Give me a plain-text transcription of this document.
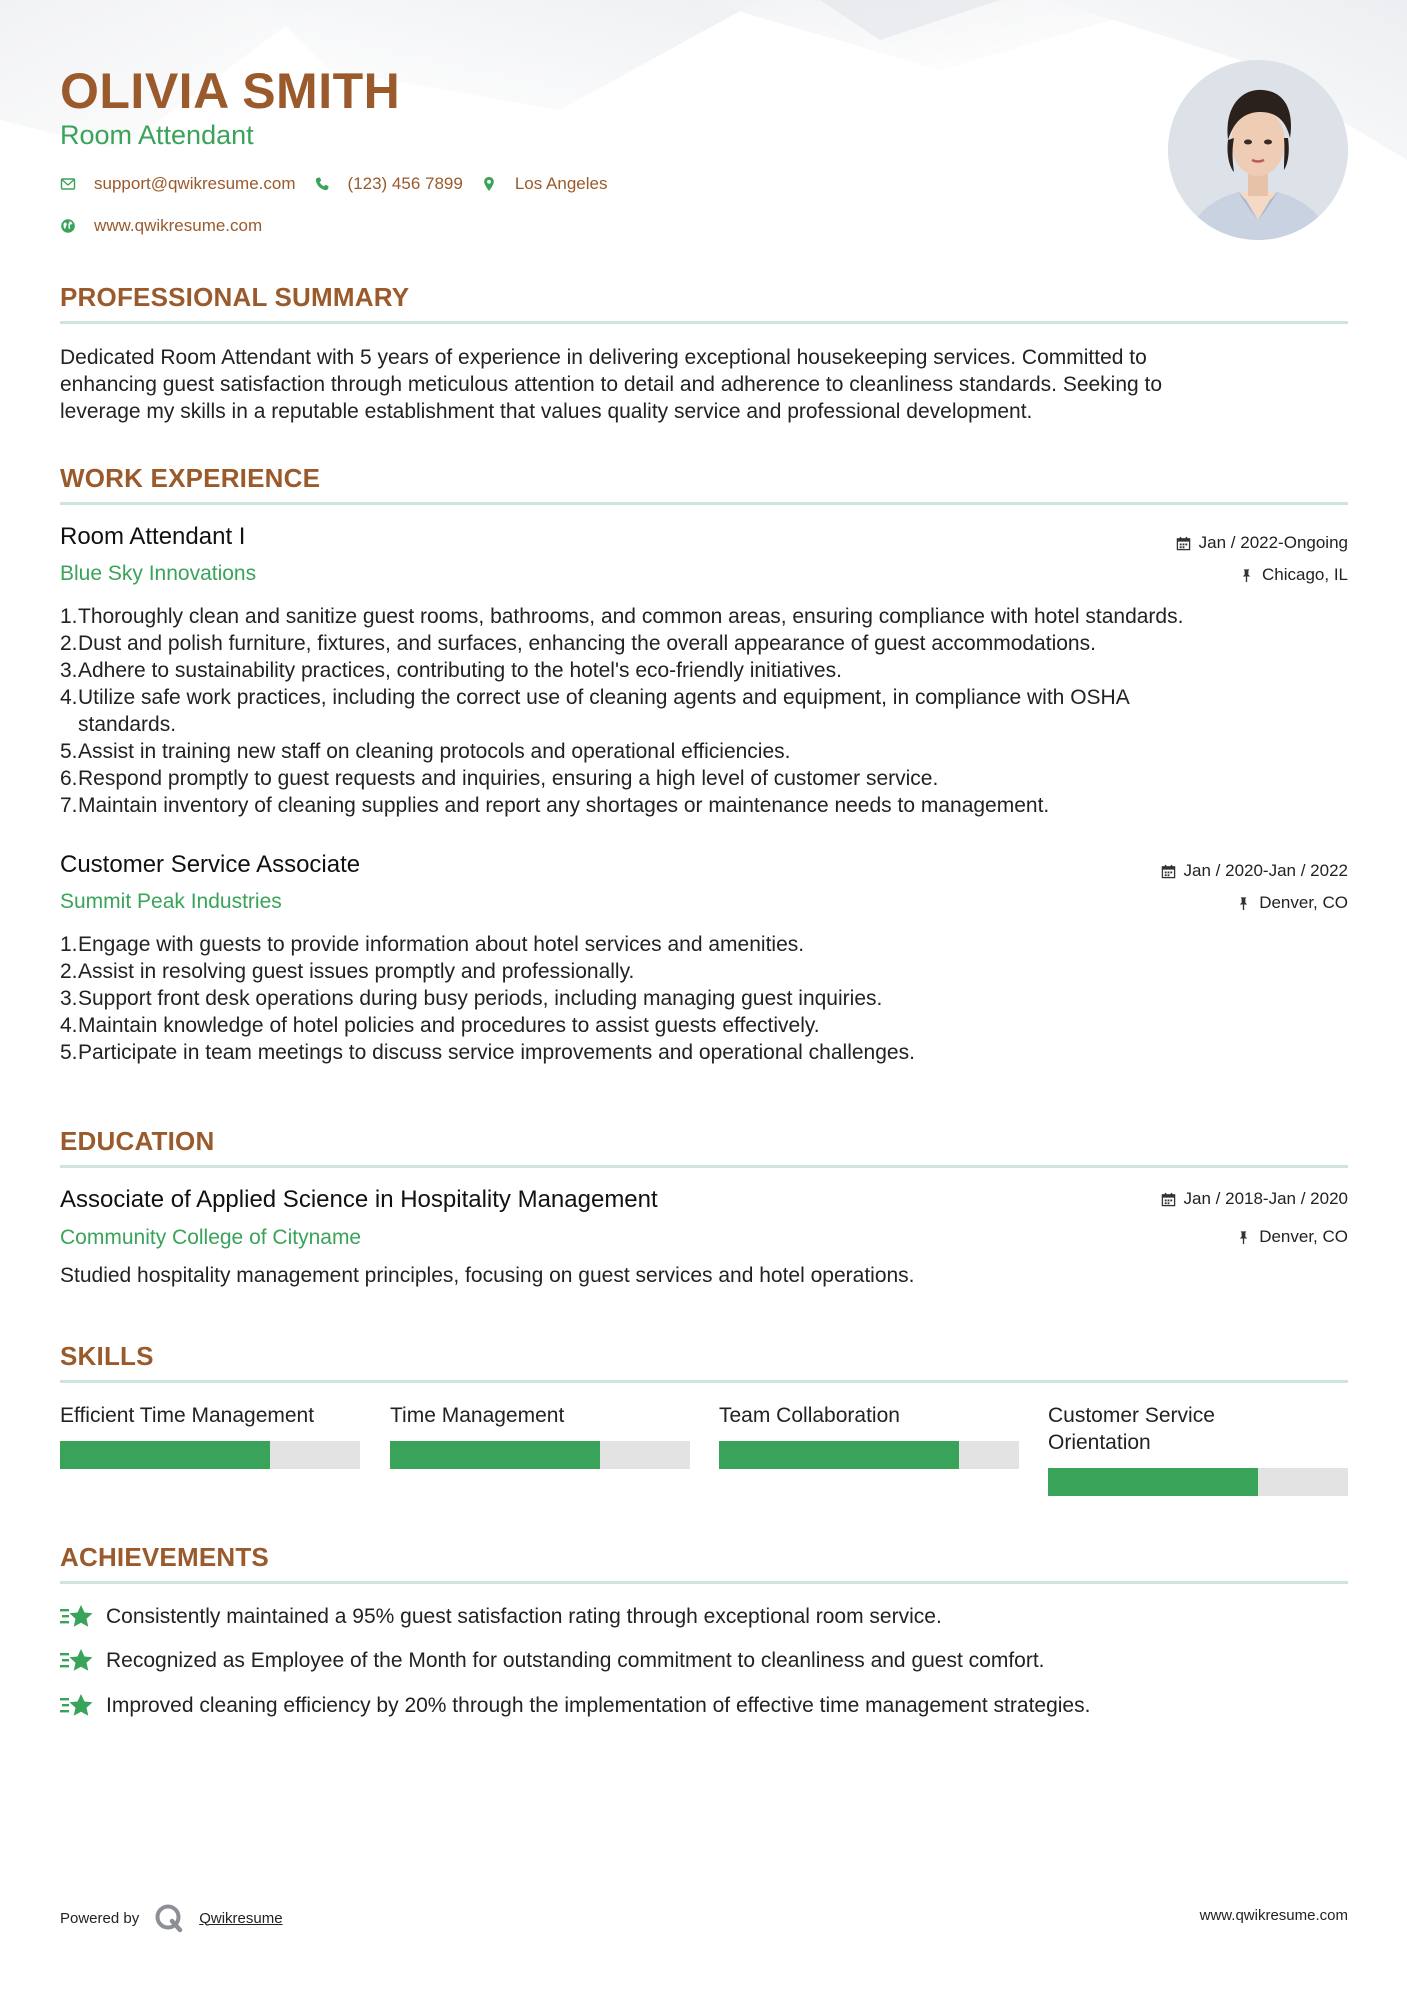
OLIVIA SMITH
Room Attendant
support@qwikresume.com	(123) 456 7899	Los Angeles
www.qwikresume.com
PROFESSIONAL SUMMARY
Dedicated Room Attendant with 5 years of experience in delivering exceptional housekeeping services. Committed to
enhancing guest satisfaction through meticulous attention to detail and adherence to cleanliness standards. Seeking to
leverage my skills in a reputable establishment that values quality service and professional development.
WORK EXPERIENCE
Room Attendant I	Jan / 2022-Ongoing
Blue Sky Innovations	Chicago, IL
1. Thoroughly clean and sanitize guest rooms, bathrooms, and common areas, ensuring compliance with hotel standards.
2. Dust and polish furniture, fixtures, and surfaces, enhancing the overall appearance of guest accommodations.
3. Adhere to sustainability practices, contributing to the hotel's eco-friendly initiatives.
4. Utilize safe work practices, including the correct use of cleaning agents and equipment, in compliance with OSHA
standards.
5. Assist in training new staff on cleaning protocols and operational efficiencies.
6. Respond promptly to guest requests and inquiries, ensuring a high level of customer service.
7. Maintain inventory of cleaning supplies and report any shortages or maintenance needs to management.
Customer Service Associate	Jan / 2020-Jan / 2022
Summit Peak Industries	Denver, CO
1. Engage with guests to provide information about hotel services and amenities.
2. Assist in resolving guest issues promptly and professionally.
3. Support front desk operations during busy periods, including managing guest inquiries.
4. Maintain knowledge of hotel policies and procedures to assist guests effectively.
5. Participate in team meetings to discuss service improvements and operational challenges.
EDUCATION
Associate of Applied Science in Hospitality Management	Jan / 2018-Jan / 2020
Community College of Cityname	Denver, CO
Studied hospitality management principles, focusing on guest services and hotel operations.
SKILLS
Efficient Time Management	Time Management	Team Collaboration	Customer Service
Orientation
ACHIEVEMENTS
Consistently maintained a 95% guest satisfaction rating through exceptional room service.
Recognized as Employee of the Month for outstanding commitment to cleanliness and guest comfort.
Improved cleaning efficiency by 20% through the implementation of effective time management strategies.
Powered by	Qwikresume	www.qwikresume.com
